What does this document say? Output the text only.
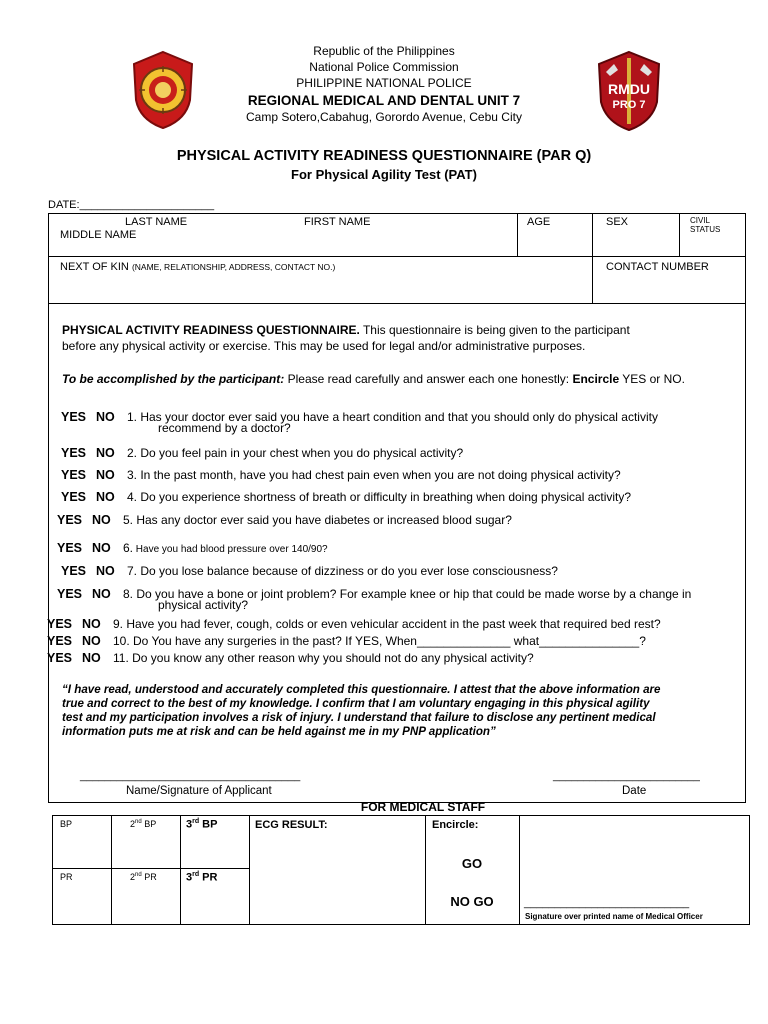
RMDU
PRO 7
Republic of the Philippines
National Police Commission
PHILIPPINE NATIONAL POLICE
REGIONAL MEDICAL AND DENTAL UNIT 7
Camp Sotero,Cabahug, Gorordo Avenue, Cebu City
PHYSICAL ACTIVITY READINESS QUESTIONNAIRE (PAR Q)
For Physical Agility Test (PAT)
DATE:______________________
LAST NAME	FIRST NAME
MIDDLE NAME
AGE	SEX	CIVIL
STATUS
NEXT OF KIN (NAME, RELATIONSHIP, ADDRESS, CONTACT NO.)	CONTACT NUMBER
PHYSICAL ACTIVITY READINESS QUESTIONNAIRE. This questionnaire is being given to the participant
before any physical activity or exercise. This may be used for legal and/or administrative purposes.
To be accomplished by the participant: Please read carefully and answer each one honestly: Encircle YES or NO.
YES NO 1. Has your doctor ever said you have a heart condition and that you should only do physical activity
recommend by a doctor?
YES NO 2. Do you feel pain in your chest when you do physical activity?
YES NO 3. In the past month, have you had chest pain even when you are not doing physical activity?
YES NO 4. Do you experience shortness of breath or difficulty in breathing when doing physical activity?
YES NO 5. Has any doctor ever said you have diabetes or increased blood sugar?
YES NO 6. Have you had blood pressure over 140/90?
YES NO 7. Do you lose balance because of dizziness or do you ever lose consciousness?
YES NO 8. Do you have a bone or joint problem? For example knee or hip that could be made worse by a change in
physical activity?
YES NO 9. Have you had fever, cough, colds or even vehicular accident in the past week that required bed rest?
YES NO 10. Do You have any surgeries in the past? If YES, When______________ what_______________?
YES NO 11. Do you know any other reason why you should not do any physical activity?
“I have read, understood and accurately completed this questionnaire. I attest that the above information are
true and correct to the best of my knowledge. I confirm that I am voluntary engaging in this physical agility
test and my participation involves a risk of injury. I understand that failure to disclose any pertinent medical
information puts me at risk and can be held against me in my PNP application”
____________________________________
Name/Signature of Applicant
________________________
Date
FOR MEDICAL STAFF
BP	2nd BP	3rd BP
PR	2nd PR	3rd PR
ECG RESULT:	Encircle:
GO
NO GO	___________________________
Signature over printed name of Medical Officer
